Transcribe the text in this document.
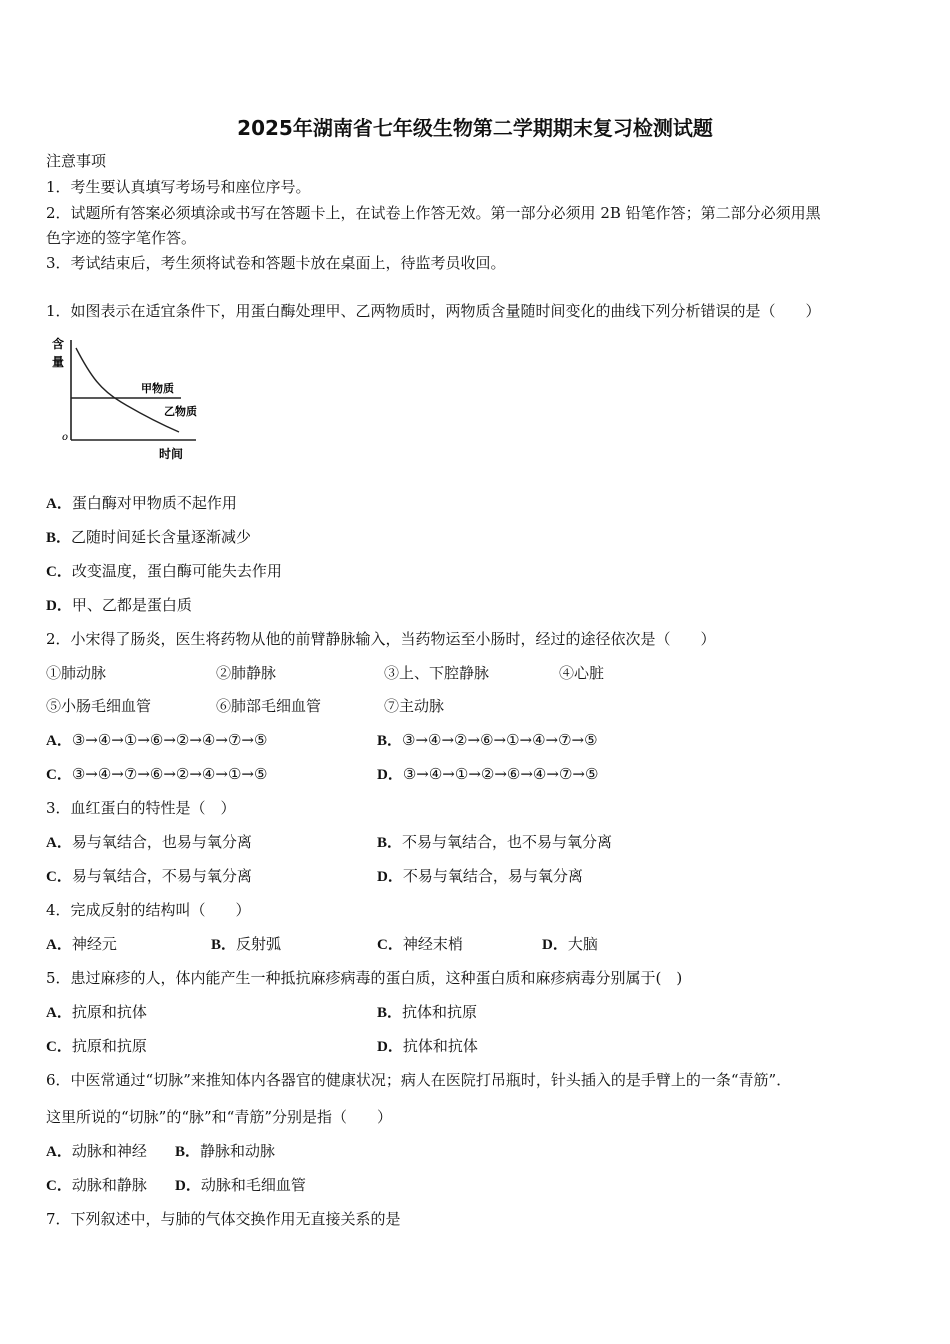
2025年湖南省七年级生物第二学期期末复习检测试题
注意事项
1．考生要认真填写考场号和座位序号。
2．试题所有答案必须填涂或书写在答题卡上，在试卷上作答无效。第一部分必须用 2B 铅笔作答；第二部分必须用黑
色字迹的签字笔作答。
3．考试结束后，考生须将试卷和答题卡放在桌面上，待监考员收回。
1．如图表示在适宜条件下，用蛋白酶处理甲、乙两物质时，两物质含量随时间变化的曲线下列分析错误的是（　　）
含
量
o
时间
甲物质
乙物质
A．蛋白酶对甲物质不起作用
B．乙随时间延长含量逐渐减少
C．改变温度，蛋白酶可能失去作用
D．甲、乙都是蛋白质
2．小宋得了肠炎，医生将药物从他的前臂静脉输入，当药物运至小肠时，经过的途径依次是（　　）
①肺动脉	②肺静脉	③上、下腔静脉	④心脏
⑤小肠毛细血管	⑥肺部毛细血管	⑦主动脉
A．③→④→①→⑥→②→④→⑦→⑤	B．③→④→②→⑥→①→④→⑦→⑤
C．③→④→⑦→⑥→②→④→①→⑤	D．③→④→①→②→⑥→④→⑦→⑤
3．血红蛋白的特性是（　）
A．易与氧结合，也易与氧分离	B．不易与氧结合，也不易与氧分离
C．易与氧结合，不易与氧分离	D．不易与氧结合，易与氧分离
4．完成反射的结构叫（　　）
A．神经元	B．反射弧	C．神经末梢	D．大脑
5．患过麻疹的人，体内能产生一种抵抗麻疹病毒的蛋白质，这种蛋白质和麻疹病毒分别属于(　)
A．抗原和抗体	B．抗体和抗原
C．抗原和抗原	D．抗体和抗体
6．中医常通过“切脉”来推知体内各器官的健康状况；病人在医院打吊瓶时，针头插入的是手臂上的一条“青筋”．
这里所说的“切脉”的“脉”和“青筋”分别是指（　　）
A．动脉和神经 B．静脉和动脉
C．动脉和静脉 D．动脉和毛细血管
7．下列叙述中，与肺的气体交换作用无直接关系的是
